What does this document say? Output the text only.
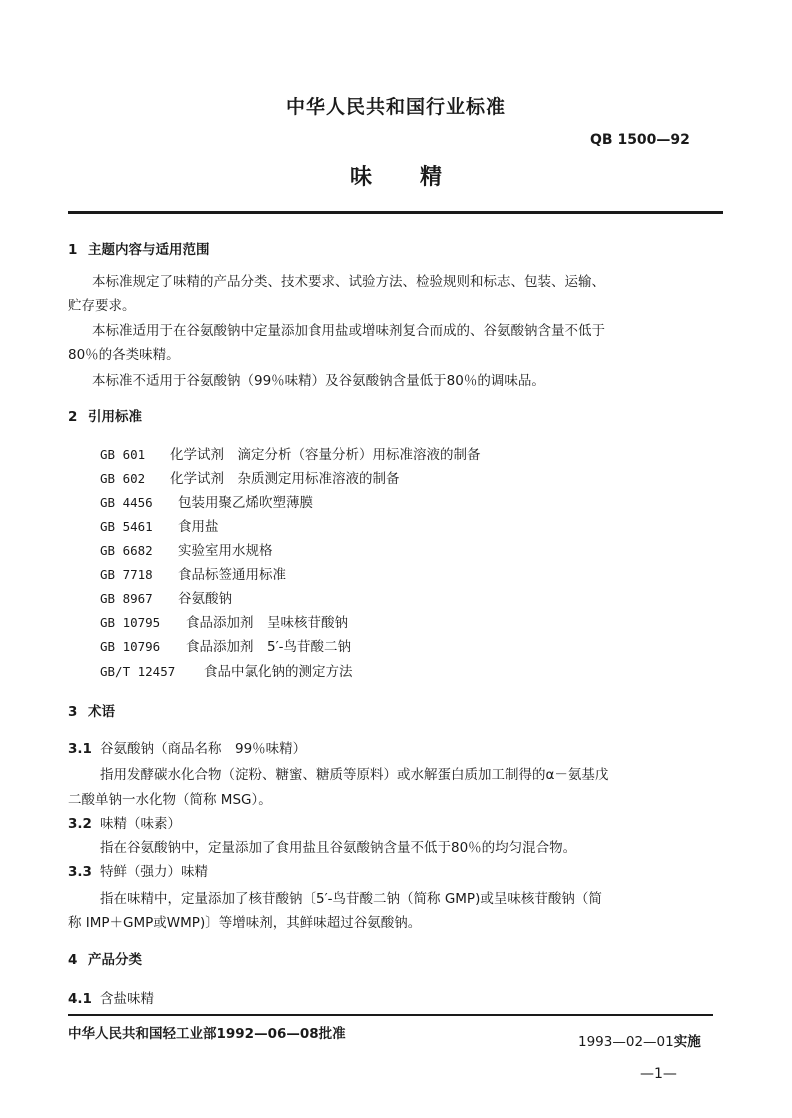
中华人民共和国行业标准
QB 1500—92
味 精
1 主题内容与适用范围
本标准规定了味精的产品分类、技术要求、试验方法、检验规则和标志、包装、运输、
贮存要求。
本标准适用于在谷氨酸钠中定量添加食用盐或增味剂复合而成的、谷氨酸钠含量不低于
80％的各类味精。
本标准不适用于谷氨酸钠（99％味精）及谷氨酸钠含量低于80％的调味品。
2 引用标准
GB 601 化学试剂　滴定分析（容量分析）用标准溶液的制备
GB 602 化学试剂　杂质测定用标准溶液的制备
GB 4456 包装用聚乙烯吹塑薄膜
GB 5461 食用盐
GB 6682 实验室用水规格
GB 7718 食品标签通用标准
GB 8967 谷氨酸钠
GB 10795 食品添加剂　呈味核苷酸钠
GB 10796 食品添加剂　5′-鸟苷酸二钠
GB/T 12457 食品中氯化钠的测定方法
3 术语
3.1 谷氨酸钠（商品名称　99％味精）
指用发酵碳水化合物（淀粉、糖蜜、糖质等原料）或水解蛋白质加工制得的α－氨基戊
二酸单钠一水化物（简称 MSG）。
3.2 味精（味素）
指在谷氨酸钠中，定量添加了食用盐且谷氨酸钠含量不低于80％的均匀混合物。
3.3 特鲜（强力）味精
指在味精中，定量添加了核苷酸钠〔5′-鸟苷酸二钠（简称 GMP)或呈味核苷酸钠（简
称 IMP＋GMP或WMP)〕等增味剂，其鲜味超过谷氨酸钠。
4 产品分类
4.1 含盐味精
中华人民共和国轻工业部1992—06—08批准	1993—02—01实施
—1—
